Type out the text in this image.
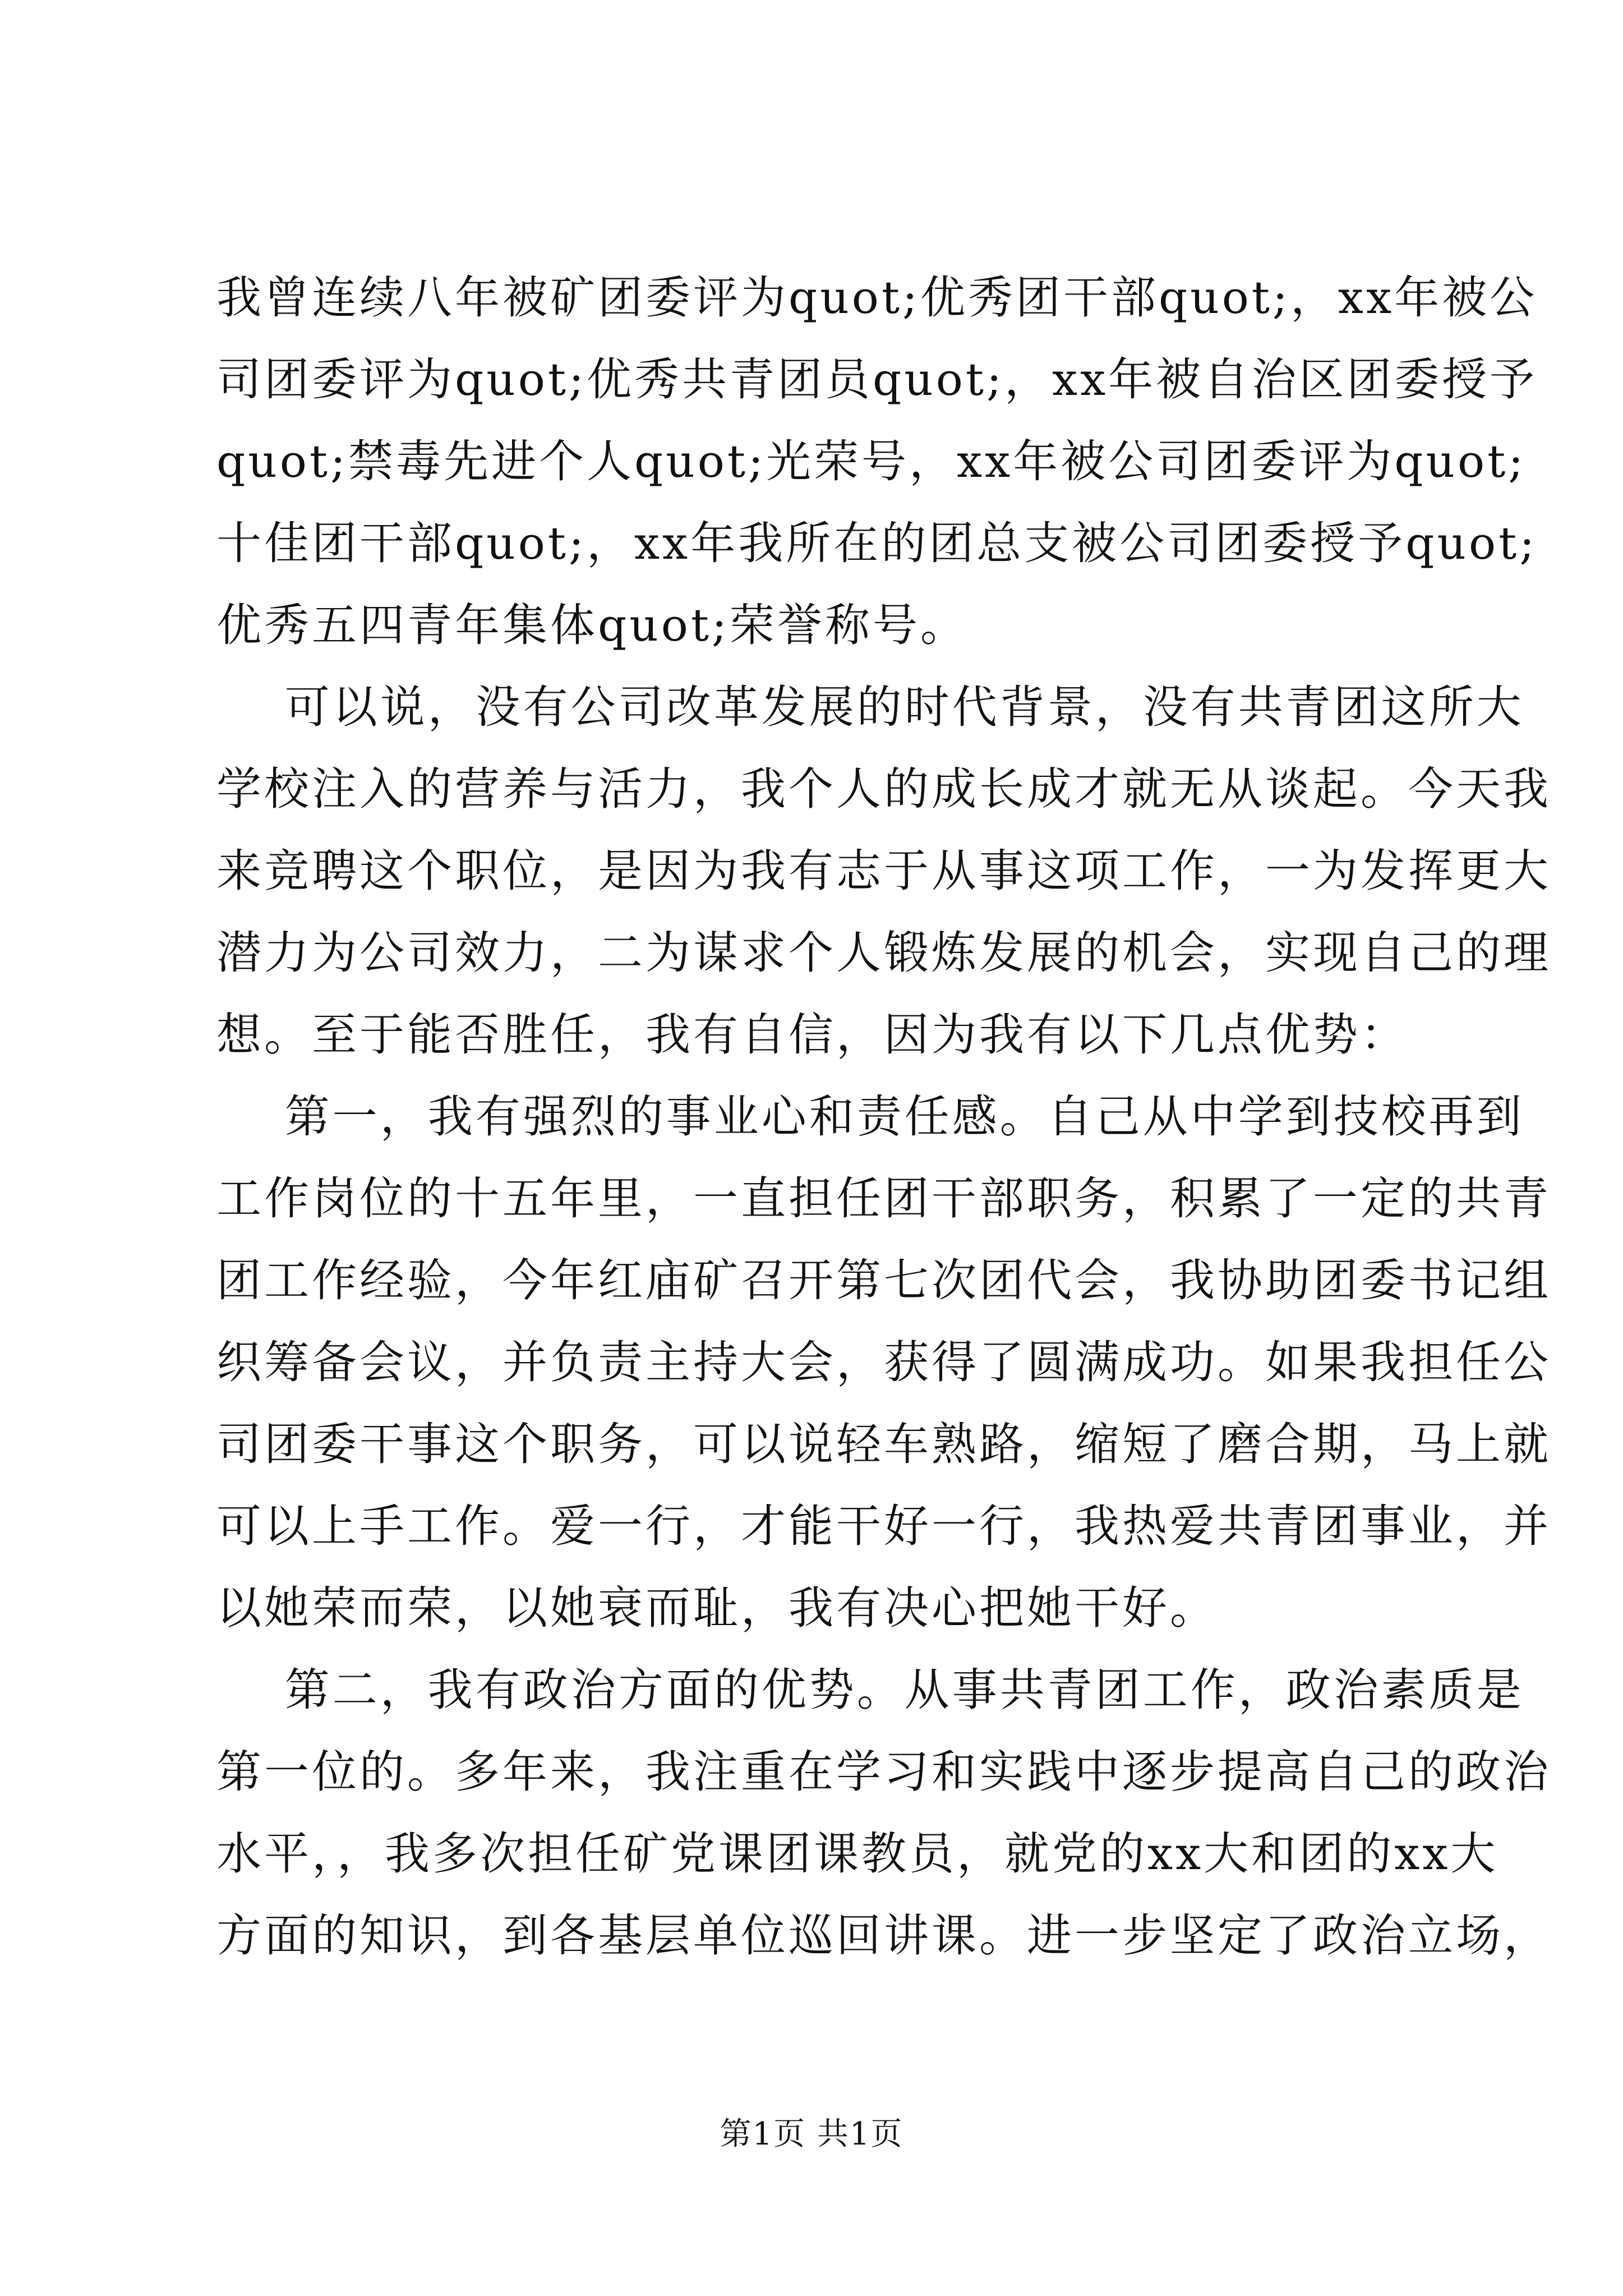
我曾连续八年被矿团委评为quot;优秀团干部quot;，xx年被公
司团委评为quot;优秀共青团员quot;，xx年被自治区团委授予
quot;禁毒先进个人quot;光荣号，xx年被公司团委评为quot;
十佳团干部quot;，xx年我所在的团总支被公司团委授予quot;
优秀五四青年集体quot;荣誉称号。
可以说，没有公司改革发展的时代背景，没有共青团这所大
学校注入的营养与活力，我个人的成长成才就无从谈起。今天我
来竞聘这个职位，是因为我有志于从事这项工作，一为发挥更大
潜力为公司效力，二为谋求个人锻炼发展的机会，实现自己的理
想。至于能否胜任，我有自信，因为我有以下几点优势：
第一，我有强烈的事业心和责任感。自己从中学到技校再到
工作岗位的十五年里，一直担任团干部职务，积累了一定的共青
团工作经验，今年红庙矿召开第七次团代会，我协助团委书记组
织筹备会议，并负责主持大会，获得了圆满成功。如果我担任公
司团委干事这个职务，可以说轻车熟路，缩短了磨合期，马上就
可以上手工作。爱一行，才能干好一行，我热爱共青团事业，并
以她荣而荣，以她衰而耻，我有决心把她干好。
第二，我有政治方面的优势。从事共青团工作，政治素质是
第一位的。多年来，我注重在学习和实践中逐步提高自己的政治
水平，，我多次担任矿党课团课教员，就党的xx大和团的xx大
方面的知识，到各基层单位巡回讲课。进一步坚定了政治立场，
第1页 共1页
